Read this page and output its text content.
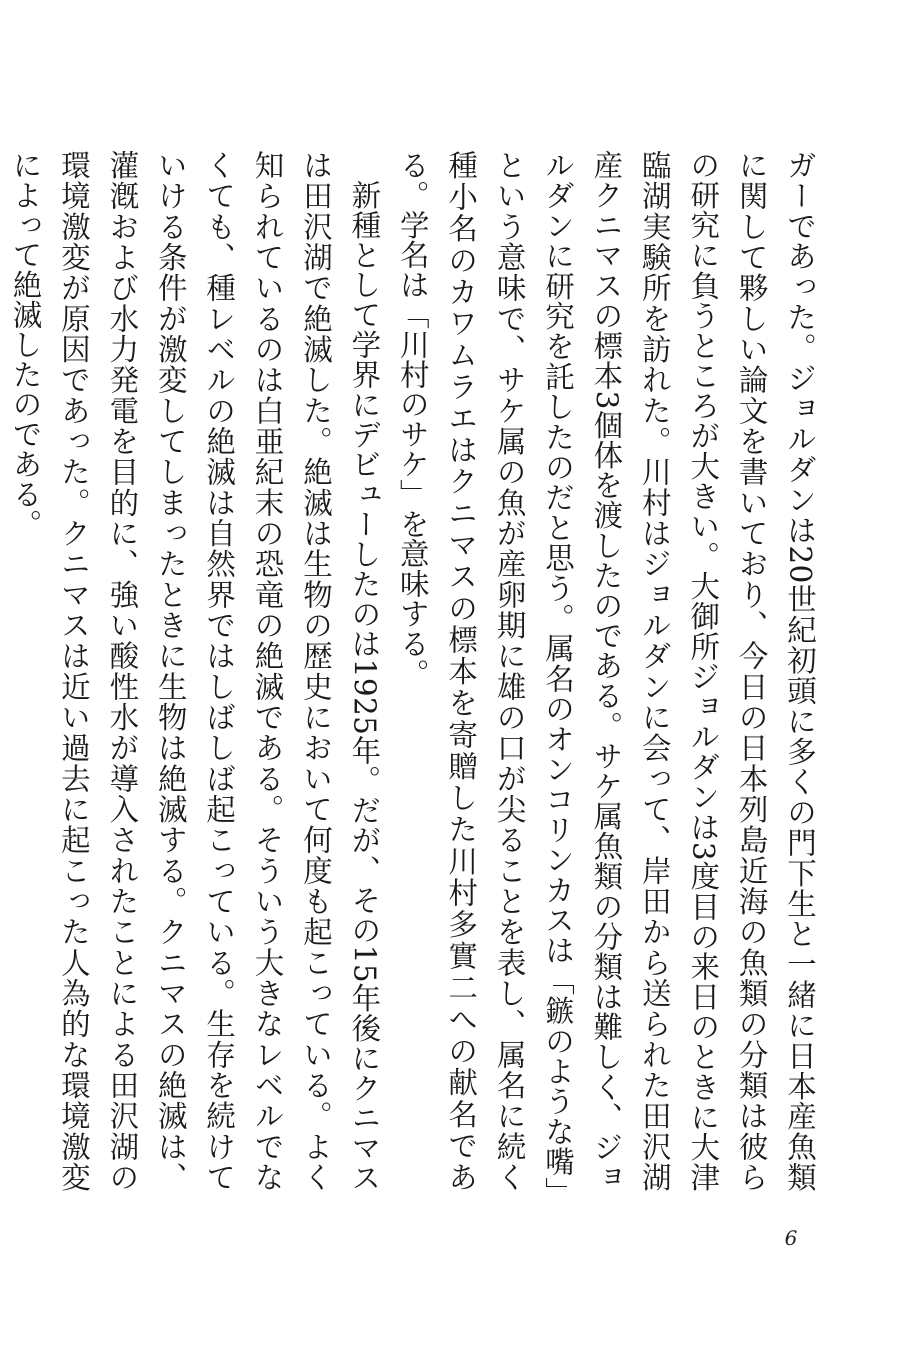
ガーであった。ジョルダンは20世紀初頭に多くの門下生と一緒に日本産魚類に関して夥しい論文を書いており、今日の日本列島近海の魚類の分類は彼らの研究に負うところが大きい。大御所ジョルダンは3度目の来日のときに大津臨湖実験所を訪れた。川村はジョルダンに会って、岸田から送られた田沢湖産クニマスの標本3個体を渡したのである。サケ属魚類の分類は難しく、ジョルダンに研究を託したのだと思う。属名のオンコリンカスは「鏃のような嘴」という意味で、サケ属の魚が産卵期に雄の口が尖ることを表し、属名に続く種小名のカワムラエはクニマスの標本を寄贈した川村多實二への献名である。学名は「川村のサケ」を意味する。

新種として学界にデビューしたのは1925年。だが、その15年後にクニマスは田沢湖で絶滅した。絶滅は生物の歴史において何度も起こっている。よく知られているのは白亜紀末の恐竜の絶滅である。そういう大きなレベルでなくても、種レベルの絶滅は自然界ではしばしば起こっている。生存を続けていける条件が激変してしまったときに生物は絶滅する。クニマスの絶滅は、灌漑および水力発電を目的に、強い酸性水が導入されたことによる田沢湖の環境激変が原因であった。クニマスは近い過去に起こった人為的な環境激変によって絶滅したのである。

6
